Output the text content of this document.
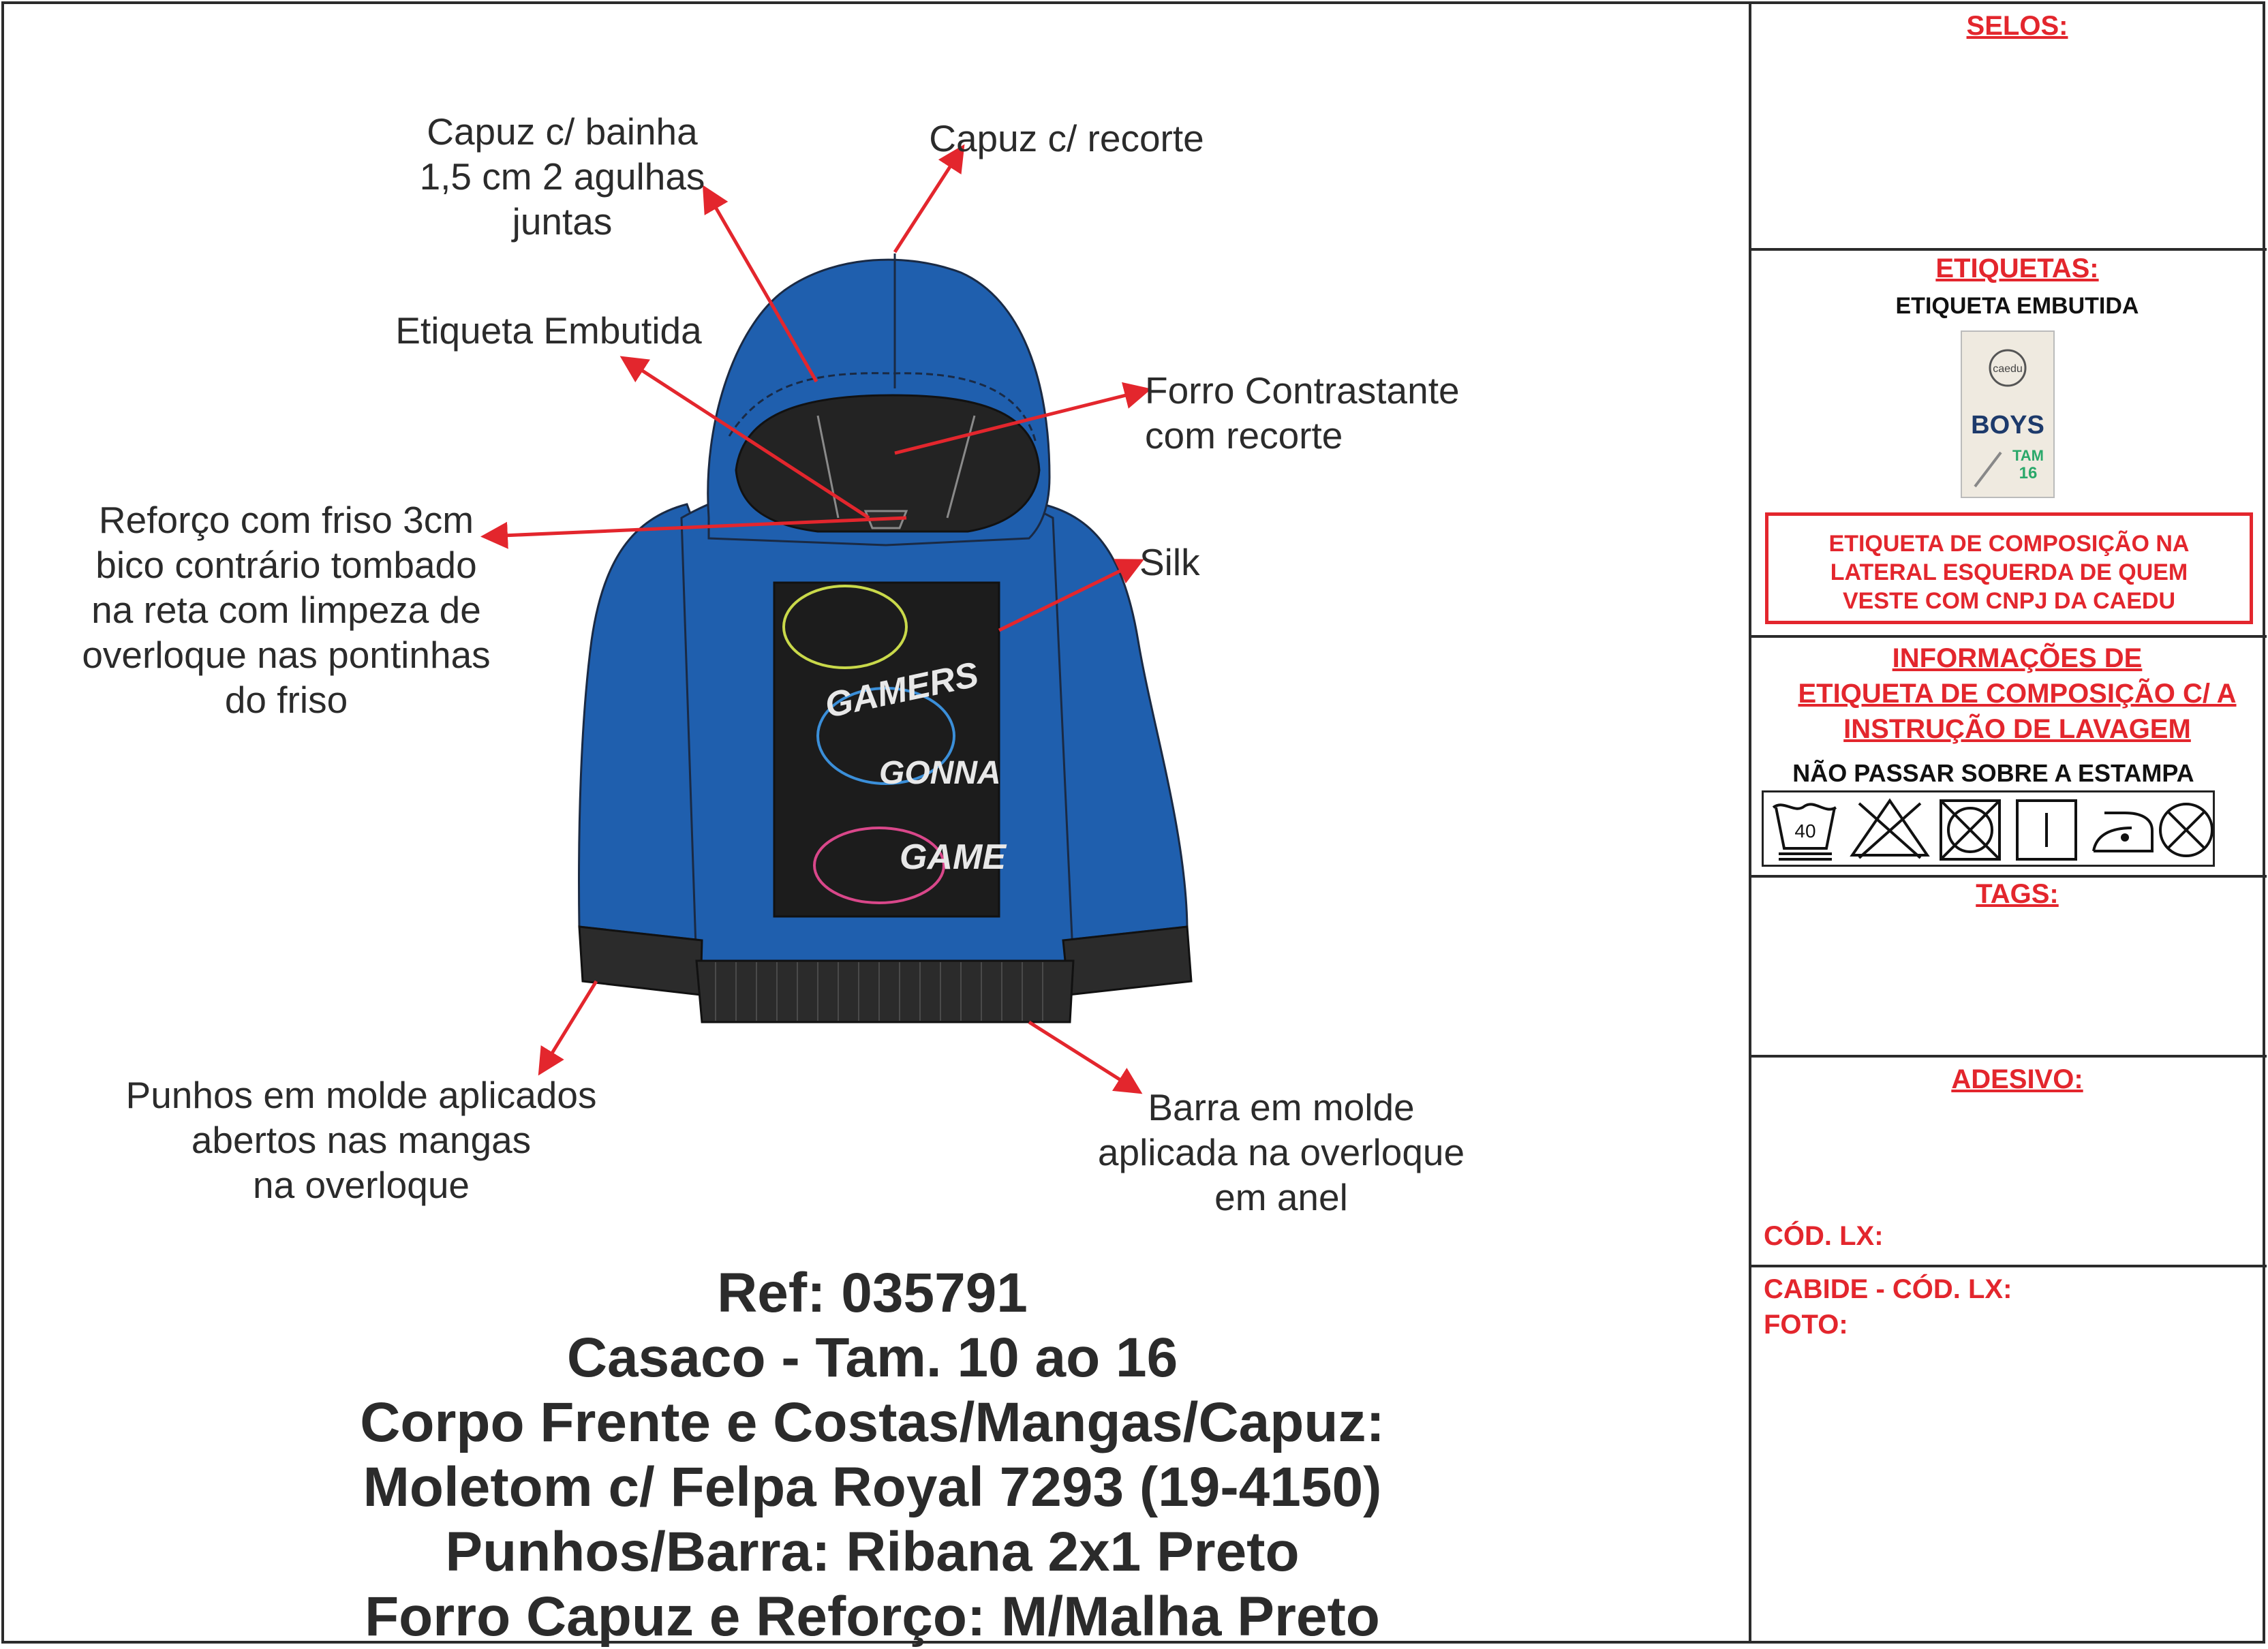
GAMERS
GONNA
GAME
Capuz c/ bainha
1,5 cm 2 agulhas
juntas
Capuz c/ recorte
Etiqueta Embutida
Forro Contrastante
com recorte
Reforço com friso 3cm
bico contrário tombado
na reta com limpeza de
overloque nas pontinhas
do friso
Silk
Punhos em molde aplicados
abertos nas mangas
na overloque
Barra em molde
aplicada na overloque
em anel
Ref: 035791
Casaco - Tam. 10 ao 16
Corpo Frente e Costas/Mangas/Capuz:
Moletom c/ Felpa Royal 7293 (19-4150)
Punhos/Barra: Ribana 2x1 Preto
Forro Capuz e Reforço: M/Malha Preto
SELOS:
ETIQUETAS:
ETIQUETA EMBUTIDA
caedu
BOYS
TAM
16
ETIQUETA DE COMPOSIÇÃO NA
LATERAL ESQUERDA DE QUEM
VESTE COM CNPJ DA CAEDU
INFORMAÇÕES DE
ETIQUETA DE COMPOSIÇÃO C/ A
INSTRUÇÃO DE LAVAGEM
NÃO PASSAR SOBRE A ESTAMPA
40
TAGS:
ADESIVO:
CÓD. LX:
CABIDE - CÓD. LX:
FOTO:
